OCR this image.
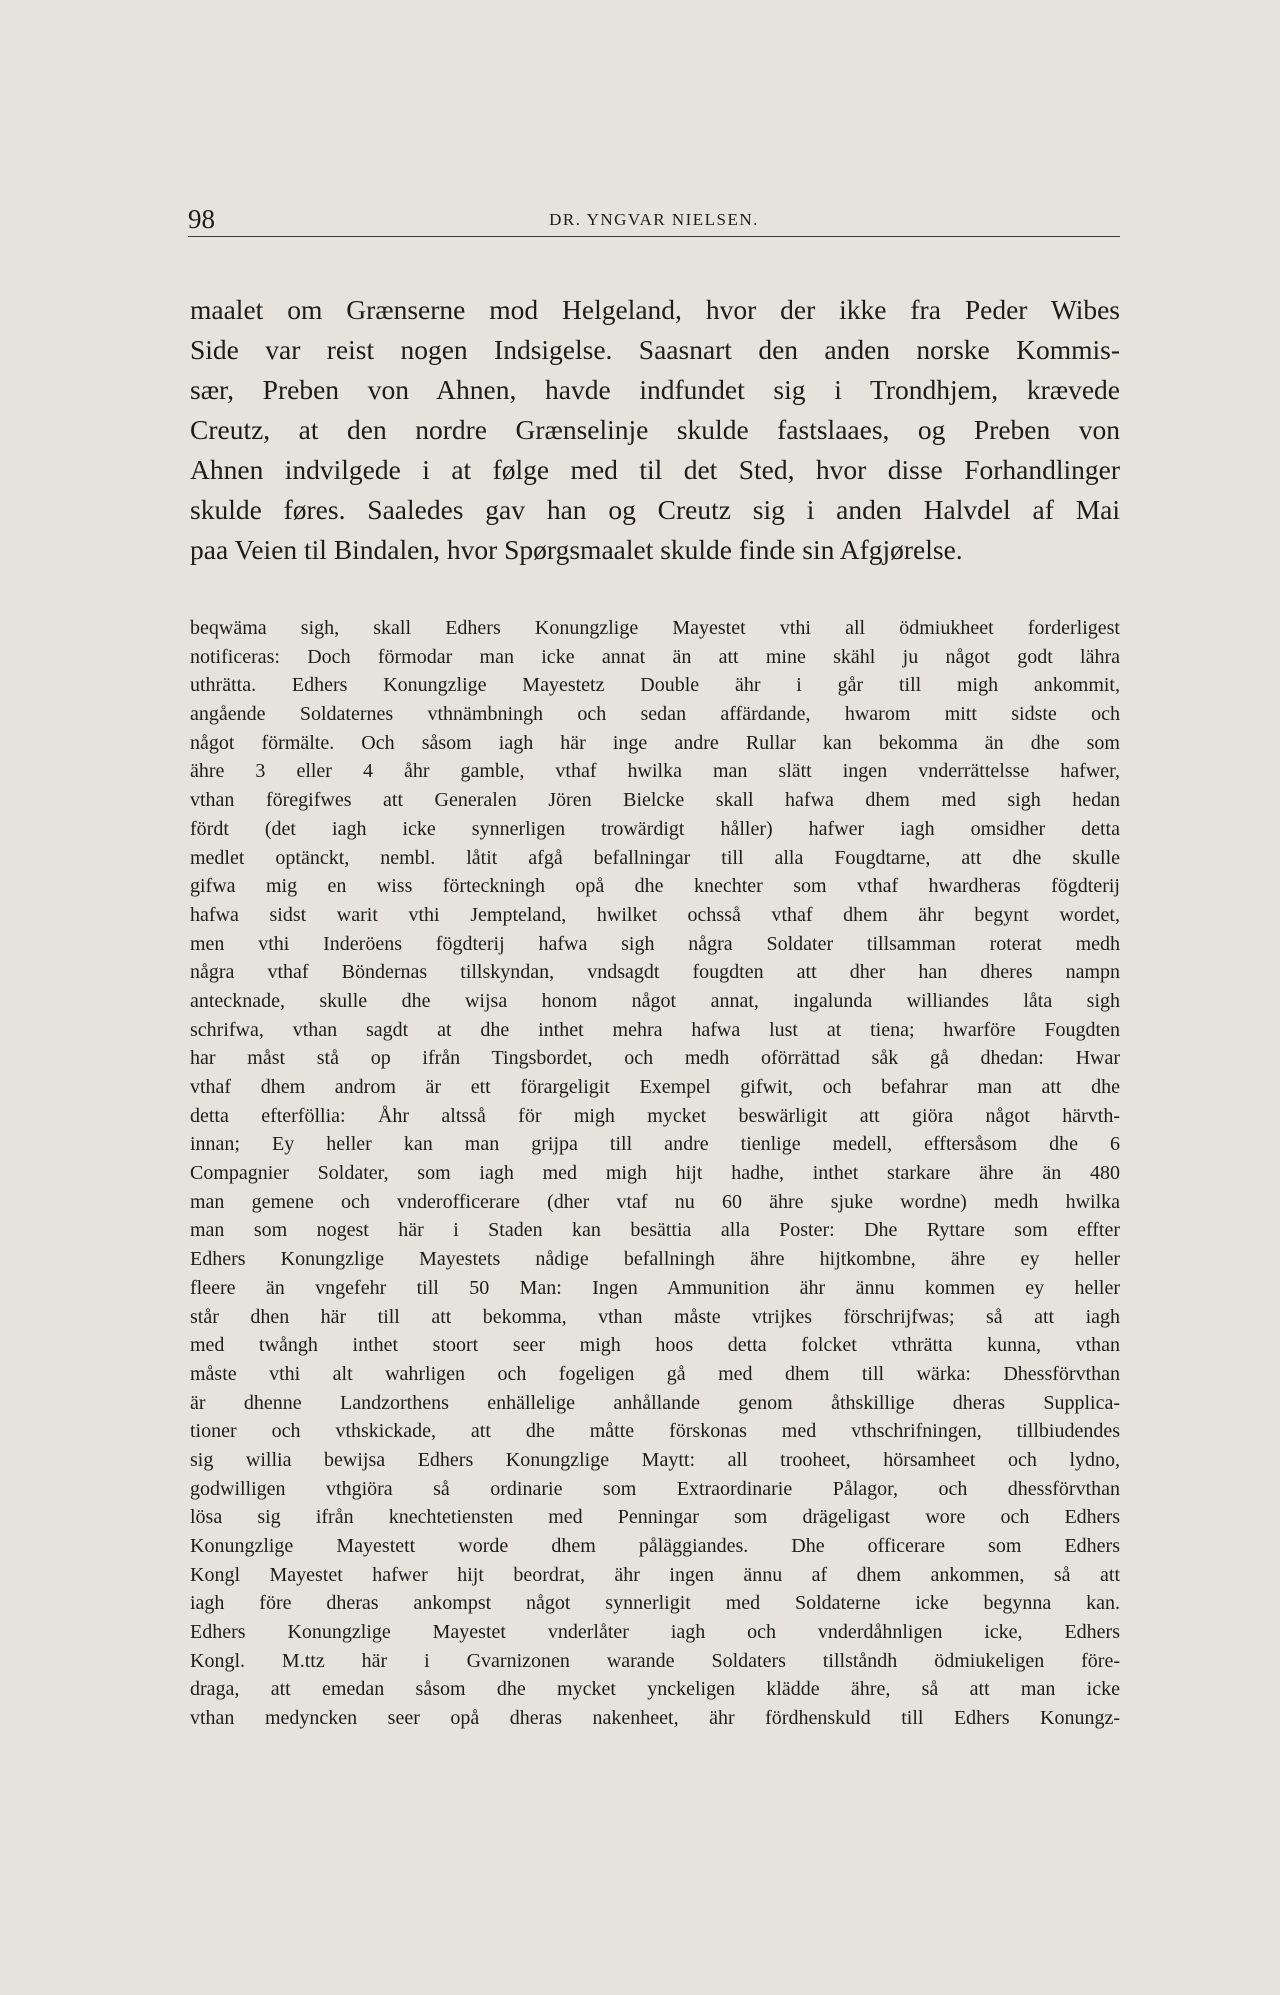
98	DR. YNGVAR NIELSEN.
maalet om Grænserne mod Helgeland, hvor der ikke fra Peder Wibes
Side var reist nogen Indsigelse. Saasnart den anden norske Kommis-
sær, Preben von Ahnen, havde indfundet sig i Trondhjem, krævede
Creutz, at den nordre Grænselinje skulde fastslaaes, og Preben von
Ahnen indvilgede i at følge med til det Sted, hvor disse Forhandlinger
skulde føres. Saaledes gav han og Creutz sig i anden Halvdel af Mai
paa Veien til Bindalen, hvor Spørgsmaalet skulde finde sin Afgjørelse.
beqwäma sigh, skall Edhers Konungzlige Mayestet vthi all ödmiukheet forderligest
notificeras: Doch förmodar man icke annat än att mine skähl ju något godt lähra
uthrätta. Edhers Konungzlige Mayestetz Double ähr i går till migh ankommit,
angående Soldaternes vthnämbningh och sedan affärdande, hwarom mitt sidste och
något förmälte. Och såsom iagh här inge andre Rullar kan bekomma än dhe som
ähre 3 eller 4 åhr gamble, vthaf hwilka man slätt ingen vnderrättelsse hafwer,
vthan föregifwes att Generalen Jören Bielcke skall hafwa dhem med sigh hedan
fördt (det iagh icke synnerligen trowärdigt håller) hafwer iagh omsidher detta
medlet optänckt, nembl. låtit afgå befallningar till alla Fougdtarne, att dhe skulle
gifwa mig en wiss förteckningh opå dhe knechter som vthaf hwardheras fögdterij
hafwa sidst warit vthi Jempteland, hwilket ochsså vthaf dhem ähr begynt wordet,
men vthi Inderöens fögdterij hafwa sigh några Soldater tillsamman roterat medh
några vthaf Böndernas tillskyndan, vndsagdt fougdten att dher han dheres nampn
antecknade, skulle dhe wijsa honom något annat, ingalunda williandes låta sigh
schrifwa, vthan sagdt at dhe inthet mehra hafwa lust at tiena; hwarföre Fougdten
har måst stå op ifrån Tingsbordet, och medh oförrättad såk gå dhedan: Hwar
vthaf dhem androm är ett förargeligit Exempel gifwit, och befahrar man att dhe
detta efterföllia: Åhr altsså för migh mycket beswärligit att giöra något härvth-
innan; Ey heller kan man grijpa till andre tienlige medell, efftersåsom dhe 6
Compagnier Soldater, som iagh med migh hijt hadhe, inthet starkare ähre än 480
man gemene och vnderofficerare (dher vtaf nu 60 ähre sjuke wordne) medh hwilka
man som nogest här i Staden kan besättia alla Poster: Dhe Ryttare som effter
Edhers Konungzlige Mayestets nådige befallningh ähre hijtkombne, ähre ey heller
fleere än vngefehr till 50 Man: Ingen Ammunition ähr ännu kommen ey heller
står dhen här till att bekomma, vthan måste vtrijkes förschrijfwas; så att iagh
med twångh inthet stoort seer migh hoos detta folcket vthrätta kunna, vthan
måste vthi alt wahrligen och fogeligen gå med dhem till wärka: Dhessförvthan
är dhenne Landzorthens enhällelige anhållande genom åthskillige dheras Supplica-
tioner och vthskickade, att dhe måtte förskonas med vthschrifningen, tillbiudendes
sig willia bewijsa Edhers Konungzlige Maytt: all trooheet, hörsamheet och lydno,
godwilligen vthgiöra så ordinarie som Extraordinarie Pålagor, och dhessförvthan
lösa sig ifrån knechtetiensten med Penningar som drägeligast wore och Edhers
Konungzlige Mayestett worde dhem påläggiandes. Dhe officerare som Edhers
Kongl Mayestet hafwer hijt beordrat, ähr ingen ännu af dhem ankommen, så att
iagh före dheras ankompst något synnerligit med Soldaterne icke begynna kan.
Edhers Konungzlige Mayestet vnderlåter iagh och vnderdåhnligen icke, Edhers
Kongl. M.ttz här i Gvarnizonen warande Soldaters tillståndh ödmiukeligen före-
draga, att emedan såsom dhe mycket ynckeligen klädde ähre, så att man icke
vthan medyncken seer opå dheras nakenheet, ähr fördhenskuld till Edhers Konungz-
